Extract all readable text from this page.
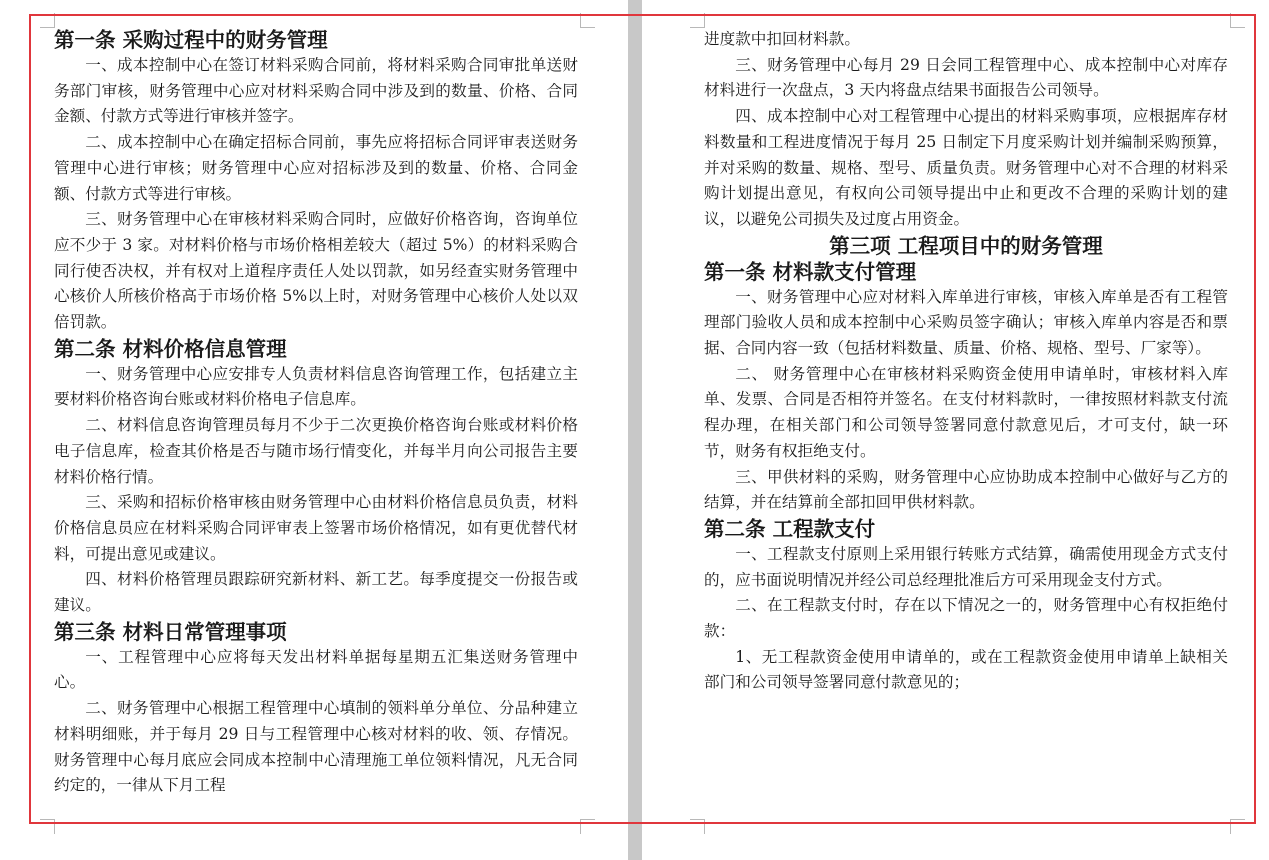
第一条 采购过程中的财务管理

一、成本控制中心在签订材料采购合同前，将材料采购合同审批单送财务部门审核，财务管理中心应对材料采购合同中涉及到的数量、价格、合同金额、付款方式等进行审核并签字。

二、成本控制中心在确定招标合同前，事先应将招标合同评审表送财务管理中心进行审核；财务管理中心应对招标涉及到的数量、价格、合同金额、付款方式等进行审核。

三、财务管理中心在审核材料采购合同时，应做好价格咨询，咨询单位应不少于 3 家。对材料价格与市场价格相差较大（超过 5%）的材料采购合同行使否决权，并有权对上道程序责任人处以罚款，如另经查实财务管理中心核价人所核价格高于市场价格 5%以上时，对财务管理中心核价人处以双倍罚款。

第二条 材料价格信息管理

一、财务管理中心应安排专人负责材料信息咨询管理工作，包括建立主要材料价格咨询台账或材料价格电子信息库。

二、材料信息咨询管理员每月不少于二次更换价格咨询台账或材料价格电子信息库，检查其价格是否与随市场行情变化，并每半月向公司报告主要材料价格行情。

三、采购和招标价格审核由财务管理中心由材料价格信息员负责，材料价格信息员应在材料采购合同评审表上签署市场价格情况，如有更优替代材料，可提出意见或建议。

四、材料价格管理员跟踪研究新材料、新工艺。每季度提交一份报告或建议。

第三条 材料日常管理事项

一、工程管理中心应将每天发出材料单据每星期五汇集送财务管理中心。

二、财务管理中心根据工程管理中心填制的领料单分单位、分品种建立材料明细账，并于每月 29 日与工程管理中心核对材料的收、领、存情况。财务管理中心每月底应会同成本控制中心清理施工单位领料情况，凡无合同约定的，一律从下月工程

进度款中扣回材料款。

三、财务管理中心每月 29 日会同工程管理中心、成本控制中心对库存材料进行一次盘点，3 天内将盘点结果书面报告公司领导。

四、成本控制中心对工程管理中心提出的材料采购事项，应根据库存材料数量和工程进度情况于每月 25 日制定下月度采购计划并编制采购预算，并对采购的数量、规格、型号、质量负责。财务管理中心对不合理的材料采购计划提出意见，有权向公司领导提出中止和更改不合理的采购计划的建议，以避免公司损失及过度占用资金。

第三项 工程项目中的财务管理
第一条 材料款支付管理

一、财务管理中心应对材料入库单进行审核，审核入库单是否有工程管理部门验收人员和成本控制中心采购员签字确认；审核入库单内容是否和票据、合同内容一致（包括材料数量、质量、价格、规格、型号、厂家等）。

二、 财务管理中心在审核材料采购资金使用申请单时，审核材料入库单、发票、合同是否相符并签名。在支付材料款时，一律按照材料款支付流程办理，在相关部门和公司领导签署同意付款意见后，才可支付，缺一环节，财务有权拒绝支付。

三、甲供材料的采购，财务管理中心应协助成本控制中心做好与乙方的结算，并在结算前全部扣回甲供材料款。

第二条 工程款支付

一、工程款支付原则上采用银行转账方式结算，确需使用现金方式支付的，应书面说明情况并经公司总经理批准后方可采用现金支付方式。

二、在工程款支付时，存在以下情况之一的，财务管理中心有权拒绝付款：

1、无工程款资金使用申请单的，或在工程款资金使用申请单上缺相关部门和公司领导签署同意付款意见的；
